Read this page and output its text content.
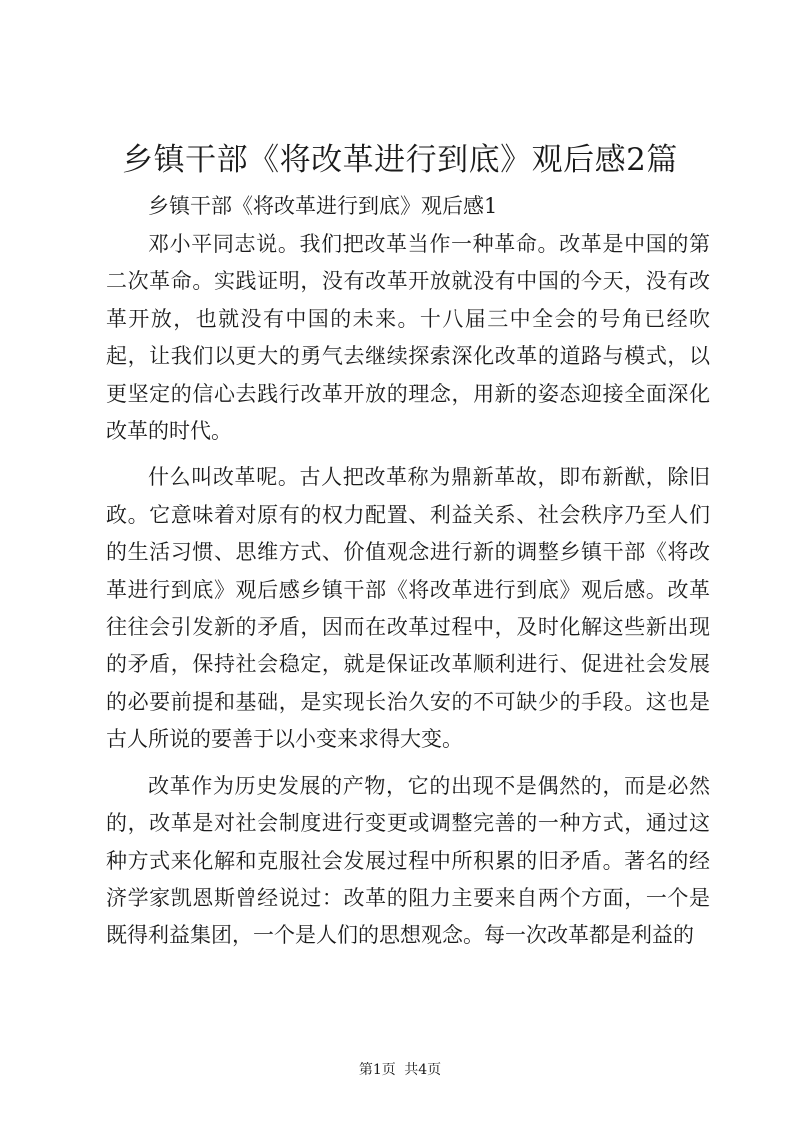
乡镇干部《将改革进行到底》观后感2篇

乡镇干部《将改革进行到底》观后感1

邓小平同志说。我们把改革当作一种革命。改革是中国的第二次革命。实践证明，没有改革开放就没有中国的今天，没有改革开放，也就没有中国的未来。十八届三中全会的号角已经吹起，让我们以更大的勇气去继续探索深化改革的道路与模式，以更坚定的信心去践行改革开放的理念，用新的姿态迎接全面深化改革的时代。

什么叫改革呢。古人把改革称为鼎新革故，即布新猷，除旧政。它意味着对原有的权力配置、利益关系、社会秩序乃至人们的生活习惯、思维方式、价值观念进行新的调整乡镇干部《将改革进行到底》观后感乡镇干部《将改革进行到底》观后感。改革往往会引发新的矛盾，因而在改革过程中，及时化解这些新出现的矛盾，保持社会稳定，就是保证改革顺利进行、促进社会发展的必要前提和基础，是实现长治久安的不可缺少的手段。这也是古人所说的要善于以小变来求得大变。

改革作为历史发展的产物，它的出现不是偶然的，而是必然的，改革是对社会制度进行变更或调整完善的一种方式，通过这种方式来化解和克服社会发展过程中所积累的旧矛盾。著名的经济学家凯恩斯曾经说过：改革的阻力主要来自两个方面，一个是既得利益集团，一个是人们的思想观念。每一次改革都是利益的

第1页 共4页
